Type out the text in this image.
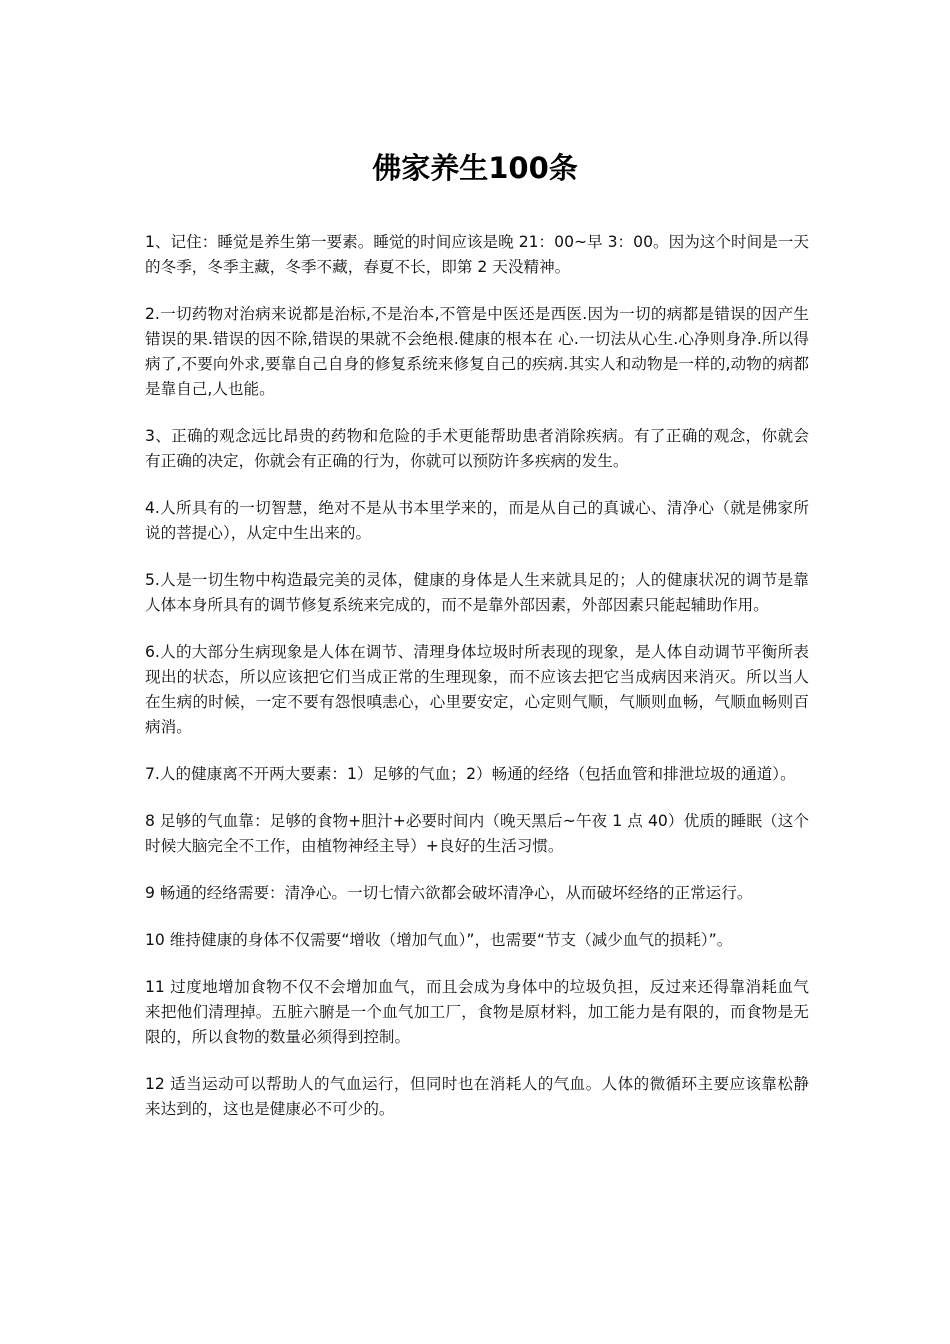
佛家养生100条

1、记住：睡觉是养生第一要素。睡觉的时间应该是晚 21：00~早 3：00。因为这个时间是一天的冬季，冬季主藏，冬季不藏，春夏不长，即第 2 天没精神。

2.一切药物对治病来说都是治标,不是治本,不管是中医还是西医.因为一切的病都是错误的因产生错误的果.错误的因不除,错误的果就不会绝根.健康的根本在 心.一切法从心生.心净则身净.所以得病了,不要向外求,要靠自己自身的修复系统来修复自己的疾病.其实人和动物是一样的,动物的病都是靠自己,人也能。

3、正确的观念远比昂贵的药物和危险的手术更能帮助患者消除疾病。有了正确的观念，你就会有正确的决定，你就会有正确的行为，你就可以预防许多疾病的发生。

4.人所具有的一切智慧，绝对不是从书本里学来的，而是从自己的真诚心、清净心（就是佛家所说的菩提心），从定中生出来的。

5.人是一切生物中构造最完美的灵体，健康的身体是人生来就具足的；人的健康状况的调节是靠人体本身所具有的调节修复系统来完成的，而不是靠外部因素，外部因素只能起辅助作用。

6.人的大部分生病现象是人体在调节、清理身体垃圾时所表现的现象，是人体自动调节平衡所表现出的状态，所以应该把它们当成正常的生理现象，而不应该去把它当成病因来消灭。所以当人在生病的时候，一定不要有怨恨嗔恚心，心里要安定，心定则气顺，气顺则血畅，气顺血畅则百病消。

7.人的健康离不开两大要素：1）足够的气血；2）畅通的经络（包括血管和排泄垃圾的通道）。

8 足够的气血靠：足够的食物+胆汁+必要时间内（晚天黑后~午夜 1 点 40）优质的睡眠（这个时候大脑完全不工作，由植物神经主导）+良好的生活习惯。

9 畅通的经络需要：清净心。一切七情六欲都会破坏清净心，从而破坏经络的正常运行。

10 维持健康的身体不仅需要“增收（增加气血）”，也需要“节支（减少血气的损耗）”。

11 过度地增加食物不仅不会增加血气，而且会成为身体中的垃圾负担，反过来还得靠消耗血气来把他们清理掉。五脏六腑是一个血气加工厂，食物是原材料，加工能力是有限的，而食物是无限的，所以食物的数量必须得到控制。

12 适当运动可以帮助人的气血运行，但同时也在消耗人的气血。人体的微循环主要应该靠松静来达到的，这也是健康必不可少的。
